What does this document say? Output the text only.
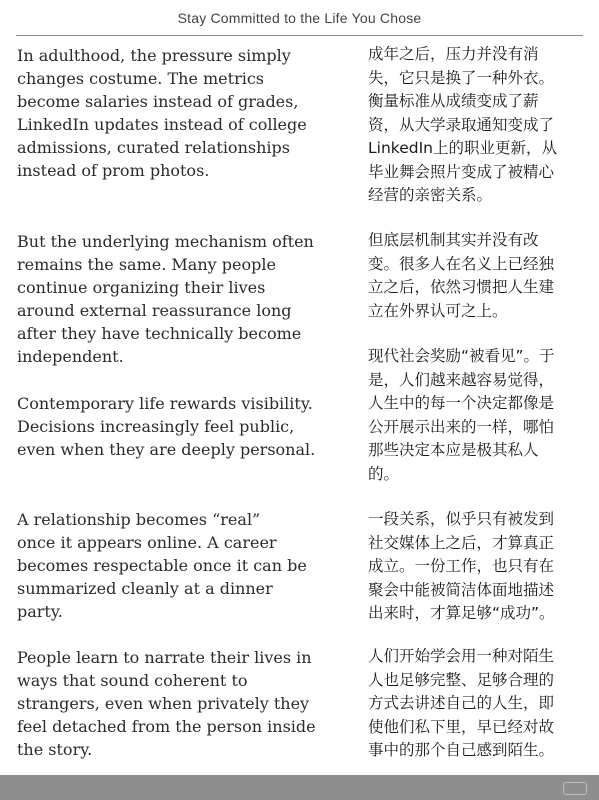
Stay Committed to the Life You Chose

In adulthood, the pressure simply
changes costume. The metrics
become salaries instead of grades,
LinkedIn updates instead of college
admissions, curated relationships
instead of prom photos.

成年之后，压力并没有消
失，它只是换了一种外衣。
衡量标准从成绩变成了薪
资，从大学录取通知变成了
LinkedIn上的职业更新，从
毕业舞会照片变成了被精心
经营的亲密关系。

But the underlying mechanism often
remains the same. Many people
continue organizing their lives
around external reassurance long
after they have technically become
independent.

但底层机制其实并没有改
变。很多人在名义上已经独
立之后，依然习惯把人生建
立在外界认可之上。

Contemporary life rewards visibility.
Decisions increasingly feel public,
even when they are deeply personal.

现代社会奖励“被看见”。于
是，人们越来越容易觉得，
人生中的每一个决定都像是
公开展示出来的一样，哪怕
那些决定本应是极其私人
的。

A relationship becomes “real”
once it appears online. A career
becomes respectable once it can be
summarized cleanly at a dinner
party.

一段关系，似乎只有被发到
社交媒体上之后，才算真正
成立。一份工作，也只有在
聚会中能被简洁体面地描述
出来时，才算足够“成功”。

People learn to narrate their lives in
ways that sound coherent to
strangers, even when privately they
feel detached from the person inside
the story.

人们开始学会用一种对陌生
人也足够完整、足够合理的
方式去讲述自己的人生，即
使他们私下里，早已经对故
事中的那个自己感到陌生。
